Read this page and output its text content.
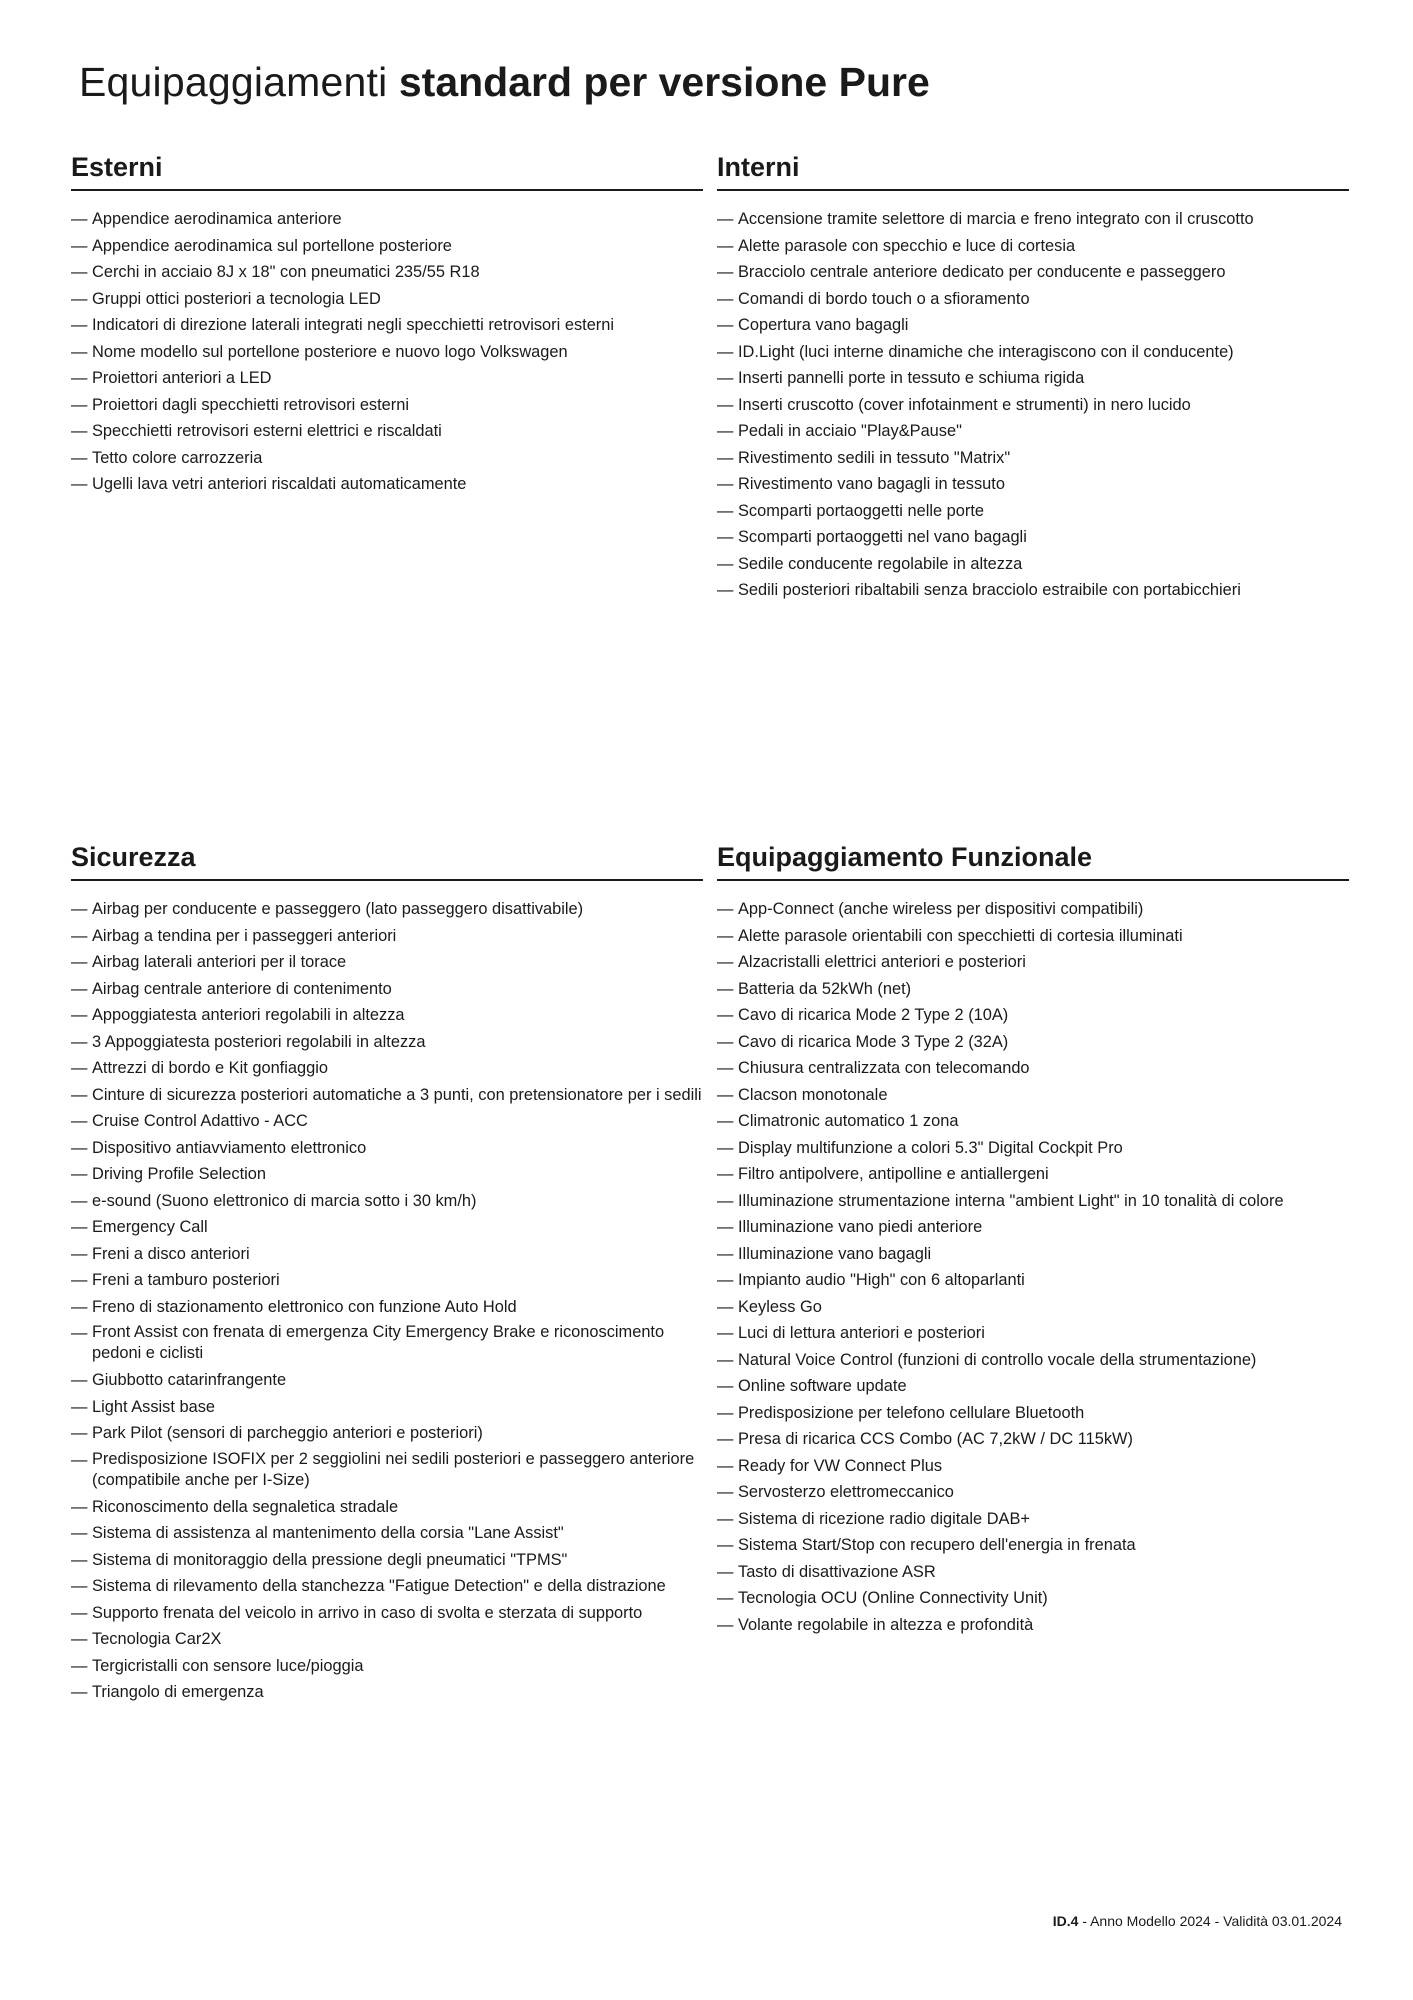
Equipaggiamenti standard per versione Pure
Esterni
— Appendice aerodinamica anteriore
— Appendice aerodinamica sul portellone posteriore
— Cerchi in acciaio 8J x 18" con pneumatici 235/55 R18
— Gruppi ottici posteriori a tecnologia LED
— Indicatori di direzione laterali integrati negli specchietti retrovisori esterni
— Nome modello sul portellone posteriore e nuovo logo Volkswagen
— Proiettori anteriori a LED
— Proiettori dagli specchietti retrovisori esterni
— Specchietti retrovisori esterni elettrici e riscaldati
— Tetto colore carrozzeria
— Ugelli lava vetri anteriori riscaldati automaticamente
Interni
— Accensione tramite selettore di marcia e freno integrato con il cruscotto
— Alette parasole con specchio e luce di cortesia
— Bracciolo centrale anteriore dedicato per conducente e passeggero
— Comandi di bordo touch o a sfioramento
— Copertura vano bagagli
— ID.Light (luci interne dinamiche che interagiscono con il conducente)
— Inserti pannelli porte in tessuto e schiuma rigida
— Inserti cruscotto (cover infotainment e strumenti) in nero lucido
— Pedali in acciaio "Play&Pause"
— Rivestimento sedili in tessuto "Matrix"
— Rivestimento vano bagagli in tessuto
— Scomparti portaoggetti nelle porte
— Scomparti portaoggetti nel vano bagagli
— Sedile conducente regolabile in altezza
— Sedili posteriori ribaltabili senza bracciolo estraibile con portabicchieri
Sicurezza
— Airbag per conducente e passeggero (lato passeggero disattivabile)
— Airbag a tendina per i passeggeri anteriori
— Airbag laterali anteriori per il torace
— Airbag centrale anteriore di contenimento
— Appoggiatesta anteriori regolabili in altezza
— 3 Appoggiatesta posteriori regolabili in altezza
— Attrezzi di bordo e Kit gonfiaggio
— Cinture di sicurezza posteriori automatiche a 3 punti, con pretensionatore per i sedili
— Cruise Control Adattivo - ACC
— Dispositivo antiavviamento elettronico
— Driving Profile Selection
— e-sound (Suono elettronico di marcia sotto i 30 km/h)
— Emergency Call
— Freni a disco anteriori
— Freni a tamburo posteriori
— Freno di stazionamento elettronico con funzione Auto Hold
— Front Assist con frenata di emergenza City Emergency Brake e riconoscimento pedoni e ciclisti
— Giubbotto catarinfrangente
— Light Assist base
— Park Pilot (sensori di parcheggio anteriori e posteriori)
— Predisposizione ISOFIX per 2 seggiolini nei sedili posteriori e passeggero anteriore (compatibile anche per I-Size)
— Riconoscimento della segnaletica stradale
— Sistema di assistenza al mantenimento della corsia "Lane Assist"
— Sistema di monitoraggio della pressione degli pneumatici "TPMS"
— Sistema di rilevamento della stanchezza "Fatigue Detection" e della distrazione
— Supporto frenata del veicolo in arrivo in caso di svolta e sterzata di supporto
— Tecnologia Car2X
— Tergicristalli con sensore luce/pioggia
— Triangolo di emergenza
Equipaggiamento Funzionale
— App-Connect (anche wireless per dispositivi compatibili)
— Alette parasole orientabili con specchietti di cortesia illuminati
— Alzacristalli elettrici anteriori e posteriori
— Batteria da 52kWh (net)
— Cavo di ricarica Mode 2 Type 2 (10A)
— Cavo di ricarica Mode 3 Type 2 (32A)
— Chiusura centralizzata con telecomando
— Clacson monotonale
— Climatronic automatico 1 zona
— Display multifunzione a colori 5.3" Digital Cockpit Pro
— Filtro antipolvere, antipolline e antiallergeni
— Illuminazione strumentazione interna "ambient Light" in 10 tonalità di colore
— Illuminazione vano piedi anteriore
— Illuminazione vano bagagli
— Impianto audio "High" con 6 altoparlanti
— Keyless Go
— Luci di lettura anteriori e posteriori
— Natural Voice Control (funzioni di controllo vocale della strumentazione)
— Online software update
— Predisposizione per telefono cellulare Bluetooth
— Presa di ricarica CCS Combo (AC 7,2kW / DC 115kW)
— Ready for VW Connect Plus
— Servosterzo elettromeccanico
— Sistema di ricezione radio digitale DAB+
— Sistema Start/Stop con recupero dell'energia in frenata
— Tasto di disattivazione ASR
— Tecnologia OCU (Online Connectivity Unit)
— Volante regolabile in altezza e profondità
ID.4 - Anno Modello 2024 - Validità 03.01.2024
